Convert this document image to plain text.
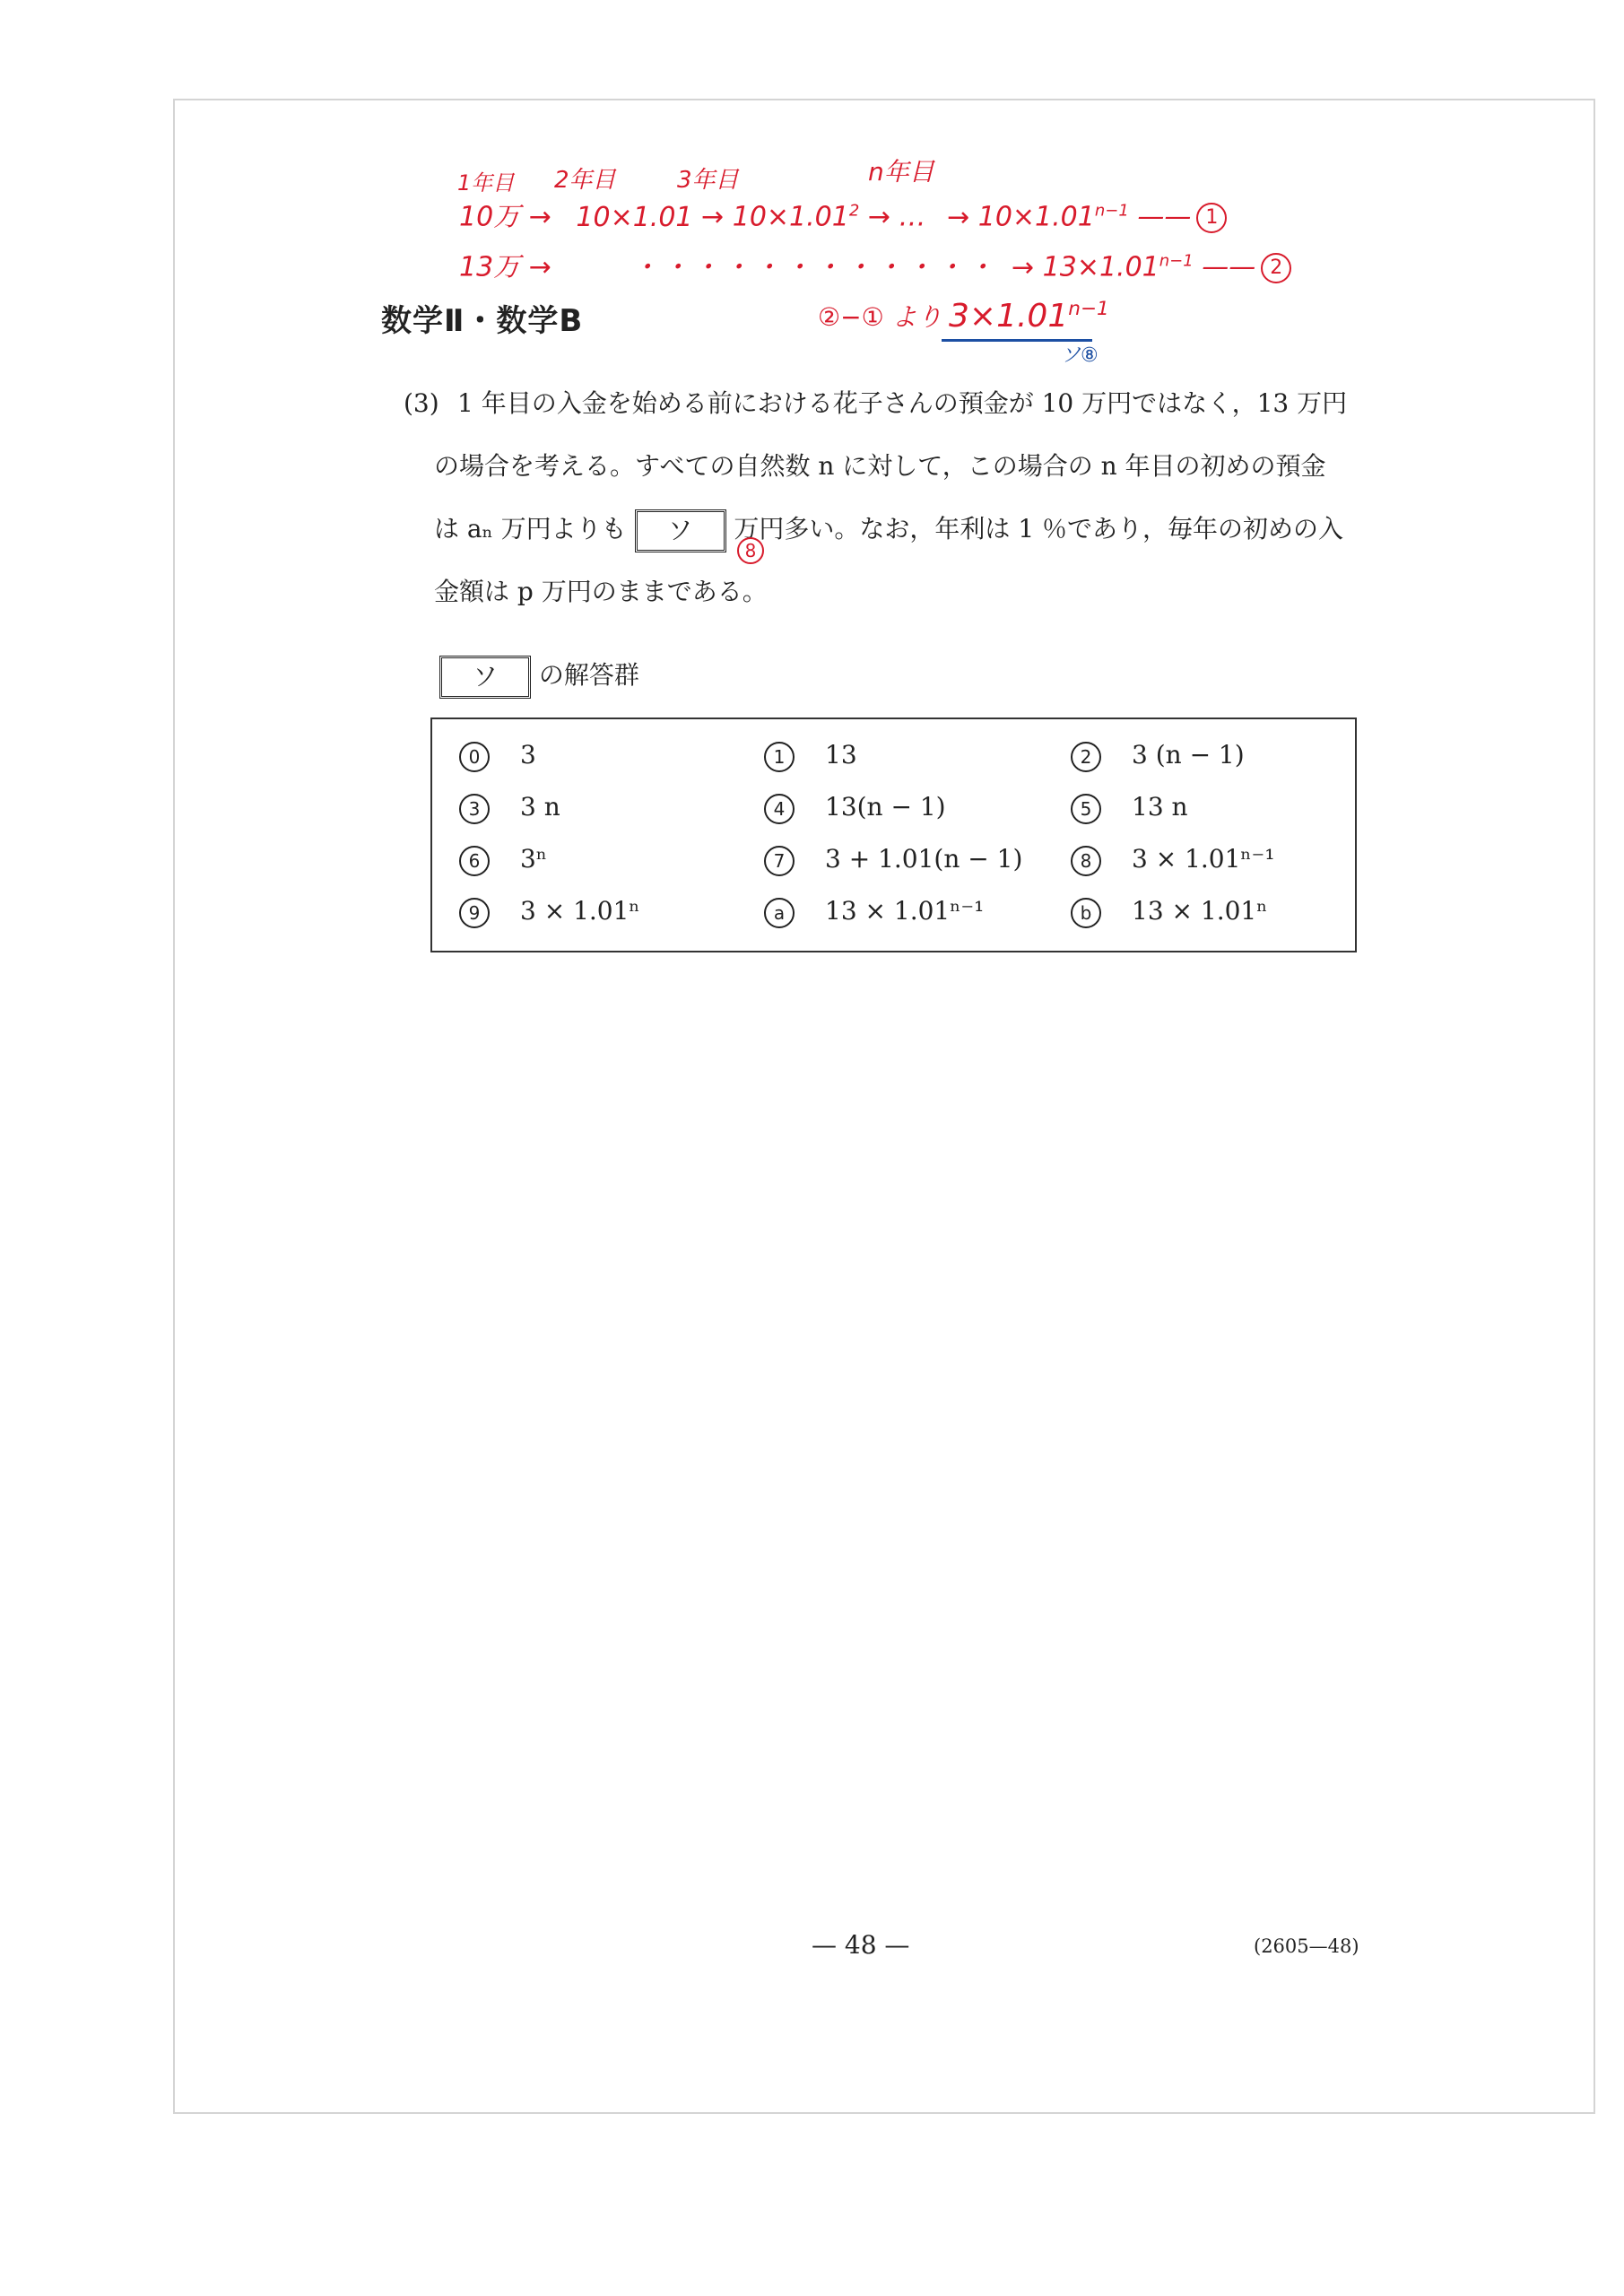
1年目 2年目	3年目	n年目
10万 → $10\times 1.01 \to 10\times 1.01^2$ → … → $10\times 1.01^{n-1}$ —— 1
13万 →	・・・・・・・・・・・・ → $13\times 1.01^{n-1}$ —— 2
②−① より $3\times 1.01^{n-1}$
ソ⑧
数学Ⅱ・数学B
(3) 1 年目の入金を始める前における花子さんの預金が 10 万円ではなく，13 万円
の場合を考える。すべての自然数 n に対して，この場合の n 年目の初めの預金
は aₙ 万円よりも ソ 万円多い。なお，年利は 1 ％であり，毎年の初めの入
8
金額は p 万円のままである。
ソ の解答群
0 3	1 13	2 3 (n − 1)
3 3 n	4 13(n − 1)	5 13 n
6 3ⁿ	7 3 + 1.01(n − 1)	8 3 × 1.01ⁿ⁻¹
9 3 × 1.01ⁿ	a 13 × 1.01ⁿ⁻¹	b 13 × 1.01ⁿ
— 48 —	(2605—48)
